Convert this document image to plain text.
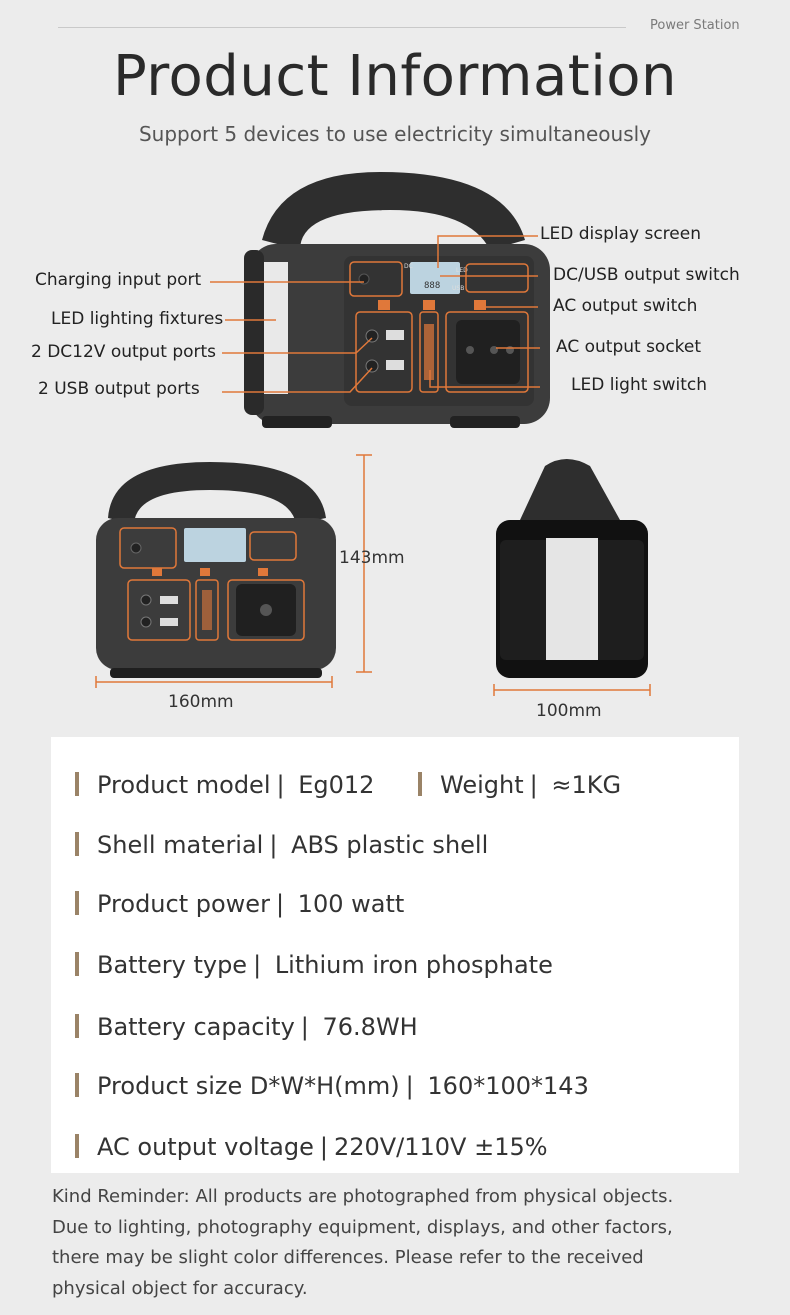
Power Station
Product Information
Support 5 devices to use electricity simultaneously
888
DC
USB
LED
LED display screen
DC/USB output switch
AC output switch
AC output socket
LED light switch
Charging input port
LED lighting fixtures
2 DC12V output ports
2 USB output ports
143mm
160mm	100mm
Product model | Eg012	Weight | ≈1KG
Shell material | ABS plastic shell
Product power | 100 watt
Battery type | Lithium iron phosphate
Battery capacity | 76.8WH
Product size D*W*H(mm) | 160*100*143
AC output voltage | 220V/110V ±15%
Kind Reminder: All products are photographed from physical objects.
Due to lighting, photography equipment, displays, and other factors,
there may be slight color differences. Please refer to the received
physical object for accuracy.
